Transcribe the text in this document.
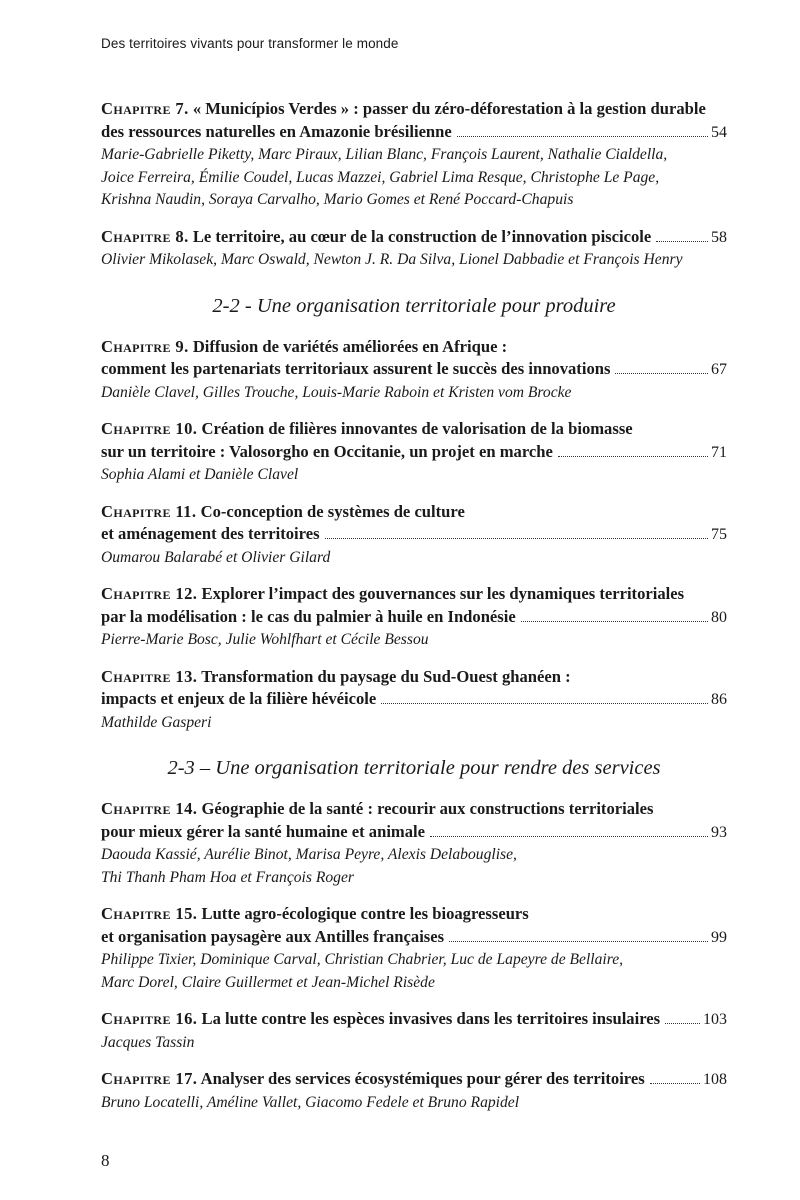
Des territoires vivants pour transformer le monde
Chapitre 7. « Municípios Verdes » : passer du zéro-déforestation à la gestion durable
des ressources naturelles en Amazonie brésilienne	54
Marie-Gabrielle Piketty, Marc Piraux, Lilian Blanc, François Laurent, Nathalie Cialdella,
Joice Ferreira, Émilie Coudel, Lucas Mazzei, Gabriel Lima Resque, Christophe Le Page,
Krishna Naudin, Soraya Carvalho, Mario Gomes et René Poccard-Chapuis
Chapitre 8. Le territoire, au cœur de la construction de l’innovation piscicole	58
Olivier Mikolasek, Marc Oswald, Newton J. R. Da Silva, Lionel Dabbadie et François Henry
2-2 - Une organisation territoriale pour produire
Chapitre 9. Diffusion de variétés améliorées en Afrique :
comment les partenariats territoriaux assurent le succès des innovations	67
Danièle Clavel, Gilles Trouche, Louis-Marie Raboin et Kristen vom Brocke
Chapitre 10. Création de filières innovantes de valorisation de la biomasse
sur un territoire : Valosorgho en Occitanie, un projet en marche	71
Sophia Alami et Danièle Clavel
Chapitre 11. Co-conception de systèmes de culture
et aménagement des territoires	75
Oumarou Balarabé et Olivier Gilard
Chapitre 12. Explorer l’impact des gouvernances sur les dynamiques territoriales
par la modélisation : le cas du palmier à huile en Indonésie	80
Pierre-Marie Bosc, Julie Wohlfhart et Cécile Bessou
Chapitre 13. Transformation du paysage du Sud-Ouest ghanéen :
impacts et enjeux de la filière hévéicole	86
Mathilde Gasperi
2-3 – Une organisation territoriale pour rendre des services
Chapitre 14. Géographie de la santé : recourir aux constructions territoriales
pour mieux gérer la santé humaine et animale	93
Daouda Kassié, Aurélie Binot, Marisa Peyre, Alexis Delabouglise,
Thi Thanh Pham Hoa et François Roger
Chapitre 15. Lutte agro-écologique contre les bioagresseurs
et organisation paysagère aux Antilles françaises	99
Philippe Tixier, Dominique Carval, Christian Chabrier, Luc de Lapeyre de Bellaire,
Marc Dorel, Claire Guillermet et Jean-Michel Risède
Chapitre 16. La lutte contre les espèces invasives dans les territoires insulaires	103
Jacques Tassin
Chapitre 17. Analyser des services écosystémiques pour gérer des territoires	108
Bruno Locatelli, Améline Vallet, Giacomo Fedele et Bruno Rapidel
8
